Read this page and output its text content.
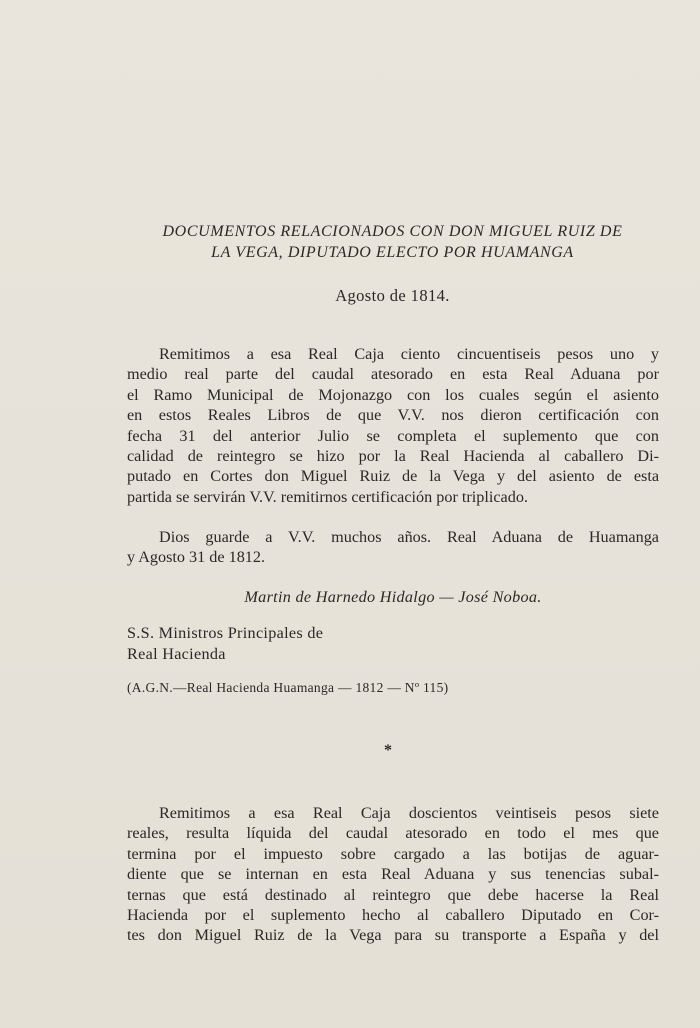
DOCUMENTOS RELACIONADOS CON DON MIGUEL RUIZ DE
LA VEGA, DIPUTADO ELECTO POR HUAMANGA
Agosto de 1814.

Remitimos a esa Real Caja ciento cincuentiseis pesos uno y
medio real parte del caudal atesorado en esta Real Aduana por
el Ramo Municipal de Mojonazgo con los cuales según el asiento
en estos Reales Libros de que V.V. nos dieron certificación con
fecha 31 del anterior Julio se completa el suplemento que con
calidad de reintegro se hizo por la Real Hacienda al caballero Di-
putado en Cortes don Miguel Ruiz de la Vega y del asiento de esta
partida se servirán V.V. remitirnos certificación por triplicado.

Dios guarde a V.V. muchos años. Real Aduana de Huamanga
y Agosto 31 de 1812.

Martin de Harnedo Hidalgo — José Noboa.
S.S. Ministros Principales de
Real Hacienda
(A.G.N.—Real Hacienda Huamanga — 1812 — Nº 115)
*

Remitimos a esa Real Caja doscientos veintiseis pesos siete
reales, resulta líquida del caudal atesorado en todo el mes que
termina por el impuesto sobre cargado a las botijas de aguar-
diente que se internan en esta Real Aduana y sus tenencias subal-
ternas que está destinado al reintegro que debe hacerse la Real
Hacienda por el suplemento hecho al caballero Diputado en Cor-
tes don Miguel Ruiz de la Vega para su transporte a España y del
